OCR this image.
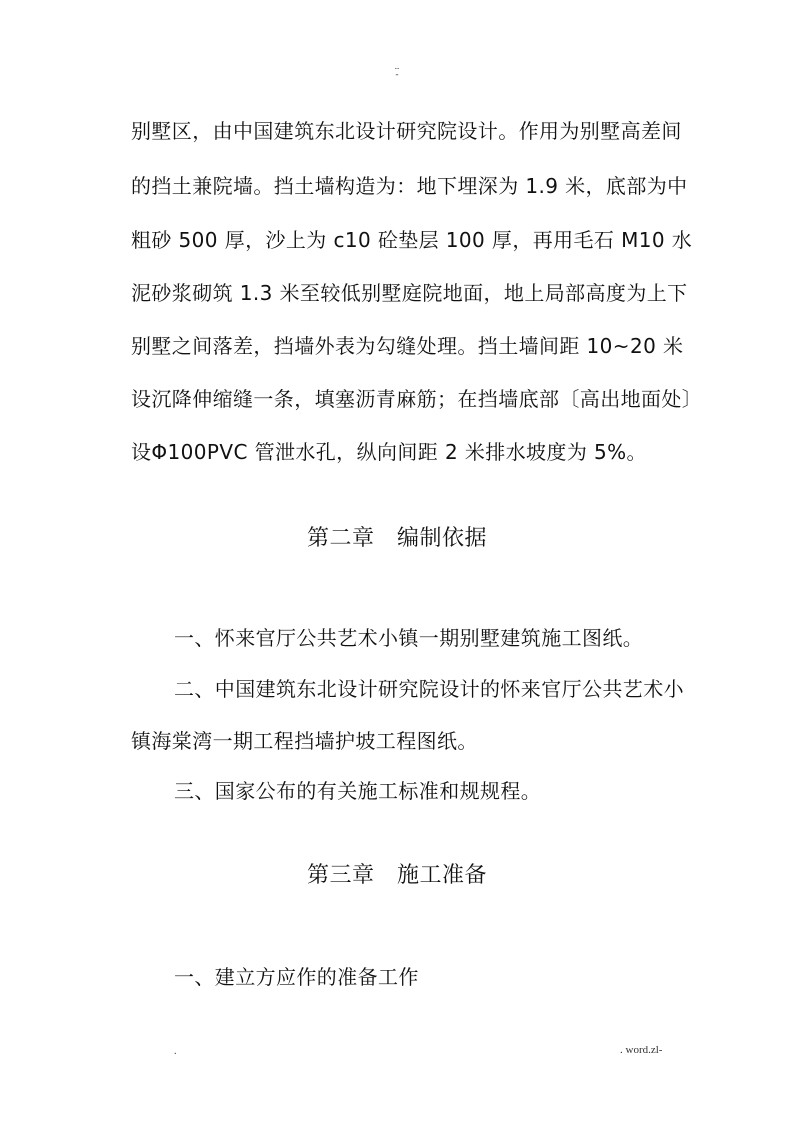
..
-
别墅区，由中国建筑东北设计研究院设计。作用为别墅高差间
的挡土兼院墙。挡土墙构造为：地下埋深为 1.9 米，底部为中
粗砂 500 厚，沙上为 c10 砼垫层 100 厚，再用毛石 M10 水
泥砂浆砌筑 1.3 米至较低别墅庭院地面，地上局部高度为上下
别墅之间落差，挡墙外表为勾缝处理。挡土墙间距 10~20 米
设沉降伸缩缝一条，填塞沥青麻筋；在挡墙底部〔高出地面处〕
设Φ100PVC 管泄水孔，纵向间距 2 米排水坡度为 5%。
第二章　编制依据
一、怀来官厅公共艺术小镇一期别墅建筑施工图纸。
二、中国建筑东北设计研究院设计的怀来官厅公共艺术小
镇海棠湾一期工程挡墙护坡工程图纸。
三、国家公布的有关施工标准和规规程。
第三章　施工准备
一、建立方应作的准备工作
.	. word.zl-
